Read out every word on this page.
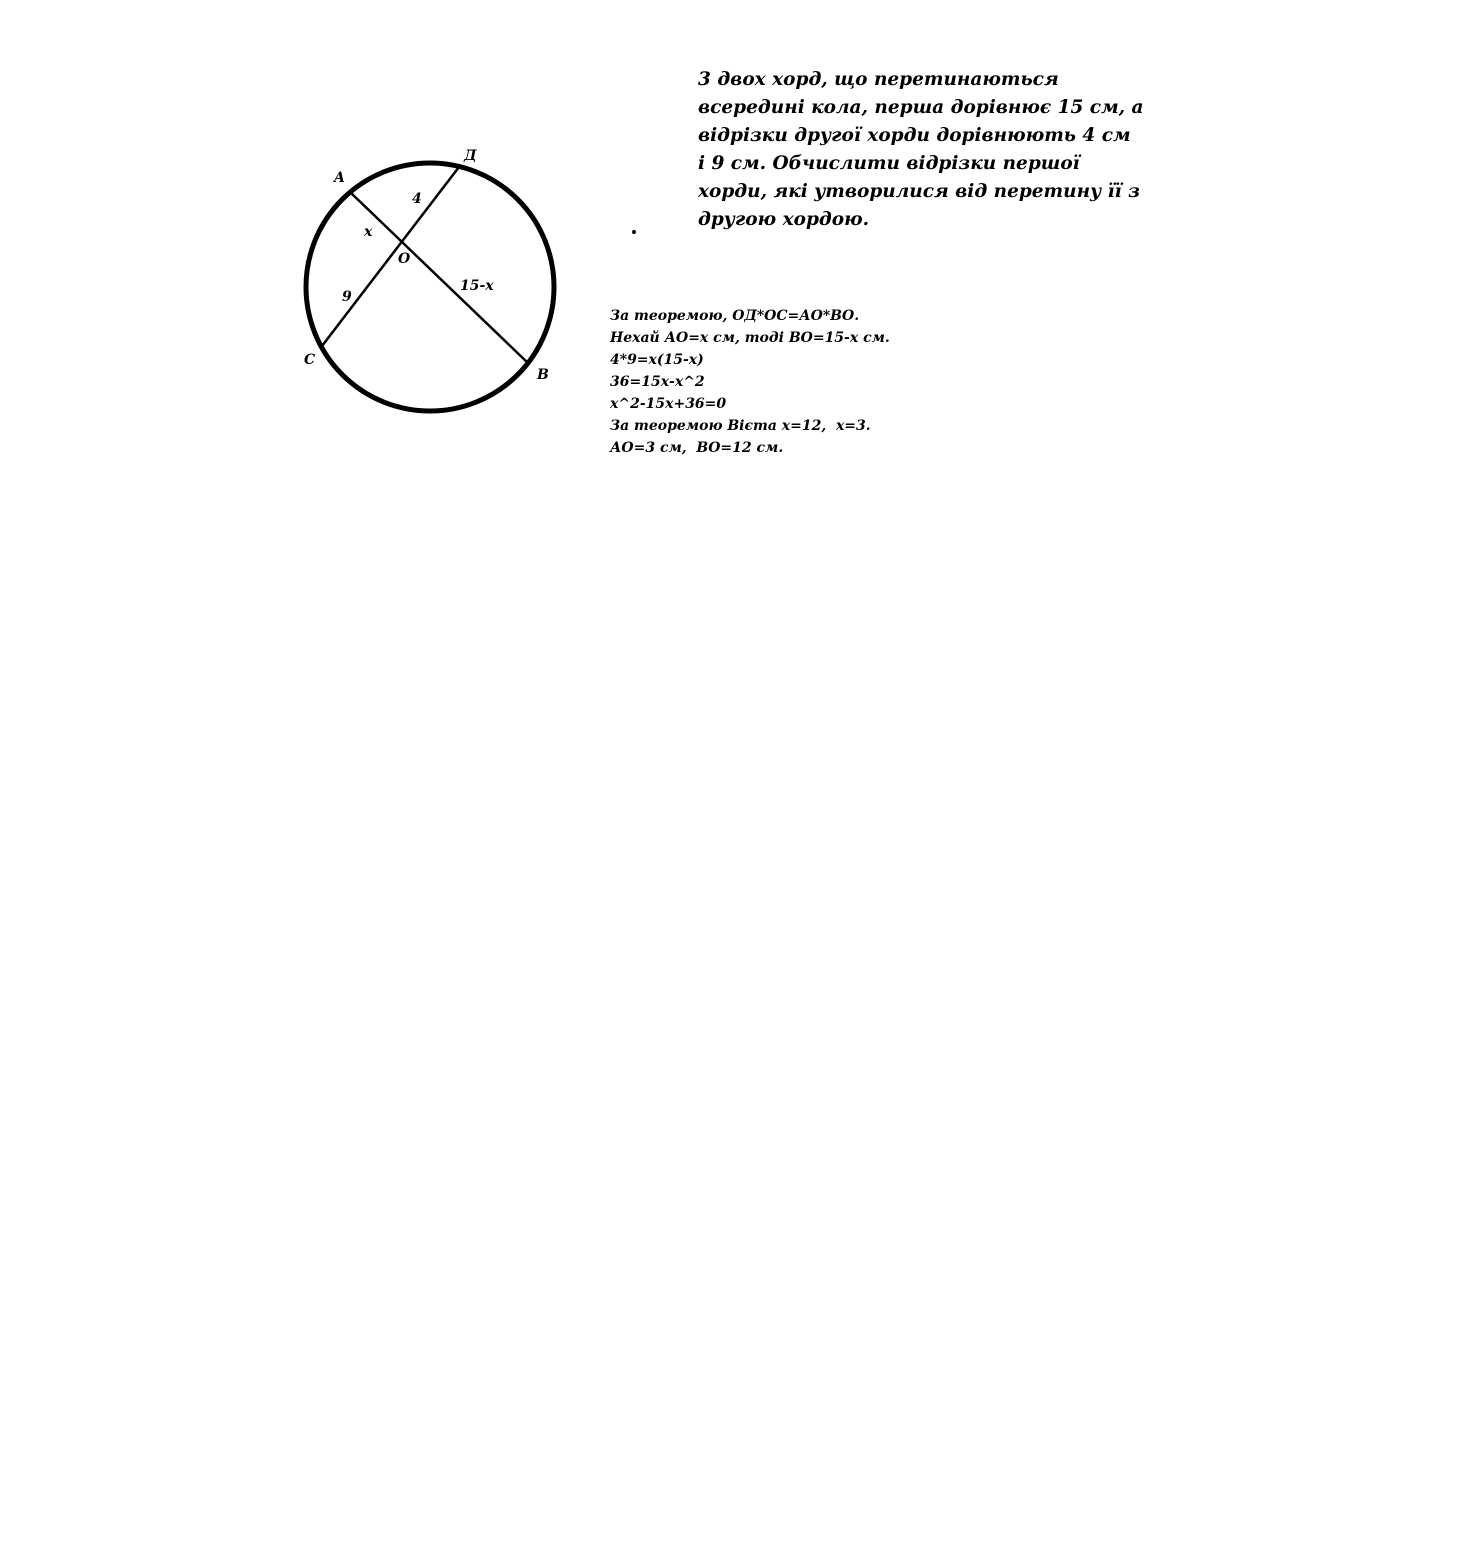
A
Д
С
В
О
х
4
9
15-х
3 двох хорд, що перетинаються
всередині кола, перша дорівнює 15 см, а
відрізки другої хорди дорівнюють 4 см
і 9 см. Обчислити відрізки першої
хорди, які утворилися від перетину її з
другою хордою.
За теоремою, ОД*ОС=АО*ВО.
Нехай АО=х см, тоді ВО=15-х см.
4*9=х(15-х)
36=15х-х^2
х^2-15х+36=0
За теоремою Вієта х=12,  х=3.
АО=3 см,  ВО=12 см.
